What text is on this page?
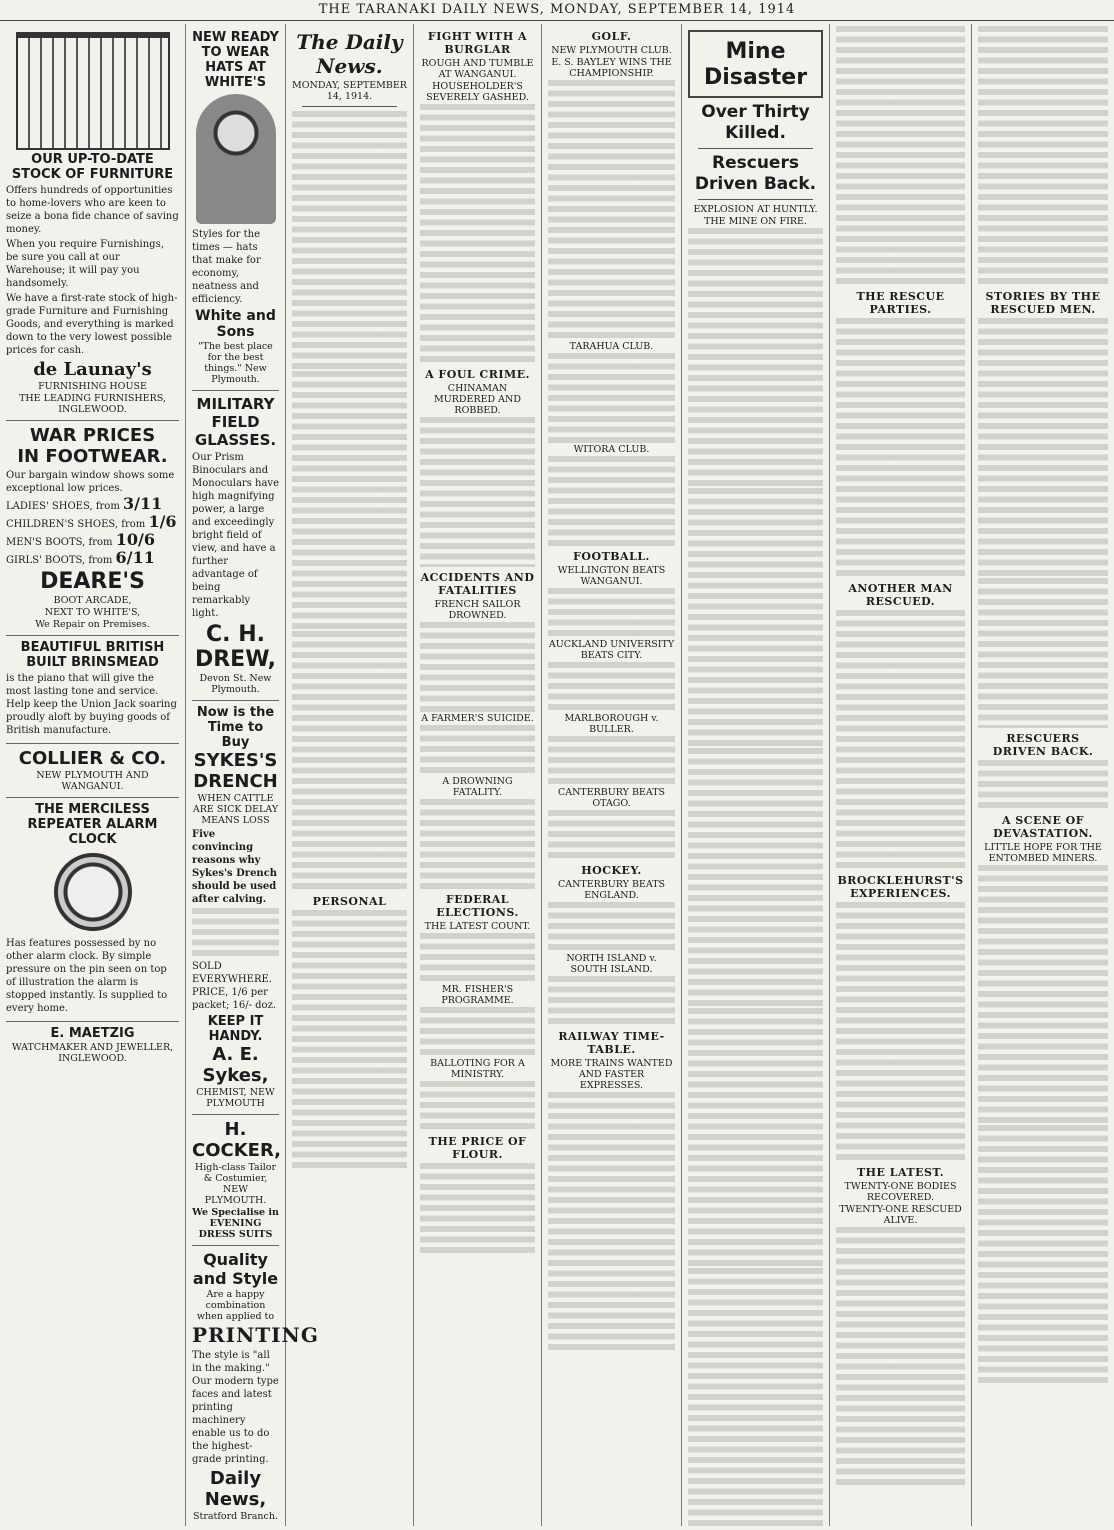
THE TARANAKI DAILY NEWS, MONDAY, SEPTEMBER 14, 1914
OUR UP-TO-DATE STOCK OF FURNITURE
Offers hundreds of opportunities to home-lovers who are keen to seize a bona fide chance of saving money.
When you require Furnishings, be sure you call at our Warehouse; it will pay you handsomely.
We have a first-rate stock of high-grade Furniture and Furnishing Goods, and everything is marked down to the very lowest possible prices for cash.
de Launay's
FURNISHING HOUSE
THE LEADING FURNISHERS, INGLEWOOD.
WAR PRICES
IN FOOTWEAR.
Our bargain window shows some exceptional low prices.
LADIES' SHOES, from 3/11
CHILDREN'S SHOES, from 1/6
MEN'S BOOTS, from 10/6
GIRLS' BOOTS, from 6/11
DEARE'S
BOOT ARCADE,
NEXT TO WHITE'S,
We Repair on Premises.
BEAUTIFUL BRITISH BUILT BRINSMEAD
is the piano that will give the most lasting tone and service. Help keep the Union Jack soaring proudly aloft by buying goods of British manufacture.
COLLIER & CO.
NEW PLYMOUTH AND WANGANUI.
THE MERCILESS REPEATER ALARM CLOCK
Has features possessed by no other alarm clock. By simple pressure on the pin seen on top of illustration the alarm is stopped instantly. Is supplied to every home.
E. MAETZIG
WATCHMAKER AND JEWELLER, INGLEWOOD.
NEW READY TO WEAR HATS AT WHITE'S
Styles for the times — hats that make for economy, neatness and efficiency.
White and Sons
"The best place for the best things." New Plymouth.
MILITARY FIELD GLASSES.
Our Prism Binoculars and Monoculars have high magnifying power, a large and exceedingly bright field of view, and have a further advantage of being remarkably light.
C. H. DREW,
Devon St. New Plymouth.
Now is the Time to Buy
SYKES'S DRENCH
WHEN CATTLE ARE SICK DELAY MEANS LOSS
Five convincing reasons why Sykes's Drench should be used after calving.
SOLD EVERYWHERE. PRICE, 1/6 per packet; 16/- doz.
KEEP IT HANDY.
A. E. Sykes,
CHEMIST, NEW PLYMOUTH
H. COCKER,
High-class Tailor & Costumier, NEW PLYMOUTH.
We Specialise in EVENING DRESS SUITS
Quality and Style
Are a happy combination when applied to
PRINTING
The style is "all in the making." Our modern type faces and latest printing machinery enable us to do the highest-grade printing.
Daily News,
Stratford Branch.
The Daily News.
MONDAY, SEPTEMBER 14, 1914.
PERSONAL
FIGHT WITH A BURGLAR
ROUGH AND TUMBLE AT WANGANUI.
HOUSEHOLDER'S SEVERELY GASHED.
A FOUL CRIME.
CHINAMAN MURDERED AND ROBBED.
ACCIDENTS AND FATALITIES
FRENCH SAILOR DROWNED.
A FARMER'S SUICIDE.
A DROWNING FATALITY.
FEDERAL ELECTIONS.
THE LATEST COUNT.
MR. FISHER'S PROGRAMME.
BALLOTING FOR A MINISTRY.
THE PRICE OF FLOUR.
GOLF.
NEW PLYMOUTH CLUB.
E. S. BAYLEY WINS THE CHAMPIONSHIP.
TARAHUA CLUB.
WITORA CLUB.
FOOTBALL.
WELLINGTON BEATS WANGANUI.
AUCKLAND UNIVERSITY BEATS CITY.
MARLBOROUGH v. BULLER.
CANTERBURY BEATS OTAGO.
HOCKEY.
CANTERBURY BEATS ENGLAND.
NORTH ISLAND v. SOUTH ISLAND.
RAILWAY TIME-TABLE.
MORE TRAINS WANTED AND FASTER EXPRESSES.
Mine Disaster
Over Thirty Killed.
Rescuers Driven Back.
EXPLOSION AT HUNTLY.
THE MINE ON FIRE.
THE RESCUE PARTIES.
ANOTHER MAN RESCUED.
BROCKLEHURST'S EXPERIENCES.
THE LATEST.
TWENTY-ONE BODIES RECOVERED.
TWENTY-ONE RESCUED ALIVE.
STORIES BY THE RESCUED MEN.
RESCUERS DRIVEN BACK.
A SCENE OF DEVASTATION.
LITTLE HOPE FOR THE ENTOMBED MINERS.
